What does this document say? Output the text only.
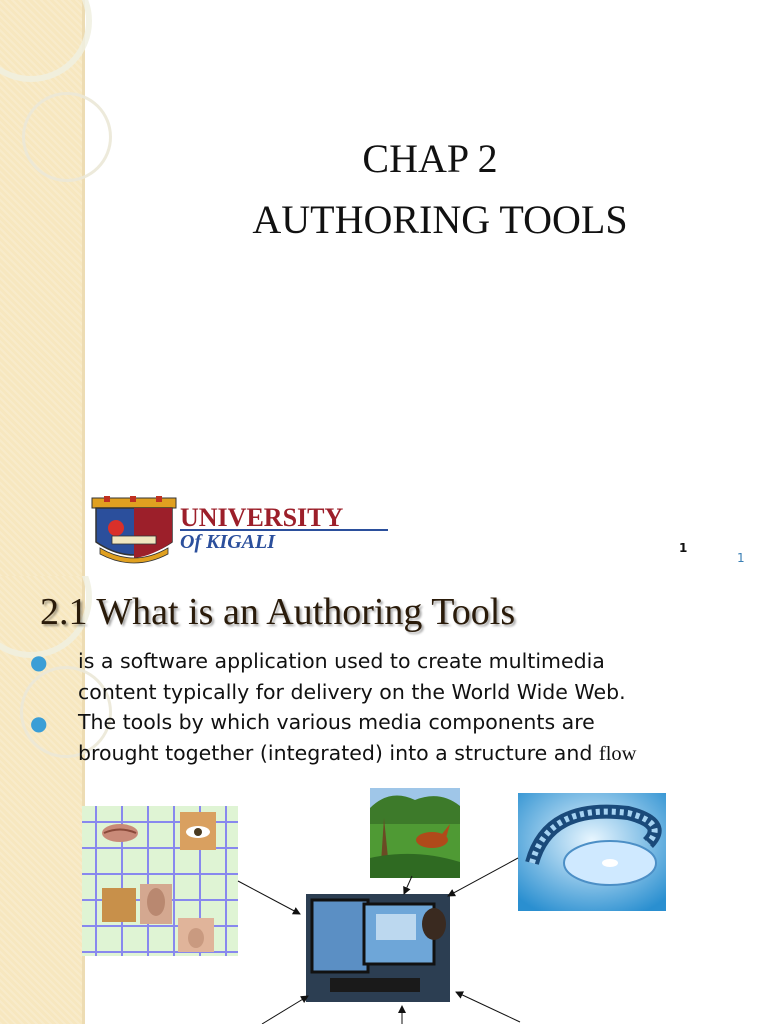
CHAP 2
AUTHORING TOOLS
UNIVERSITY
Of KIGALI	1
1
2.1 What is an Authoring Tools
● is a software application used to create multimedia
content typically for delivery on the World Wide Web.
● The tools by which various media components are
brought together (integrated) into a structure and flow
